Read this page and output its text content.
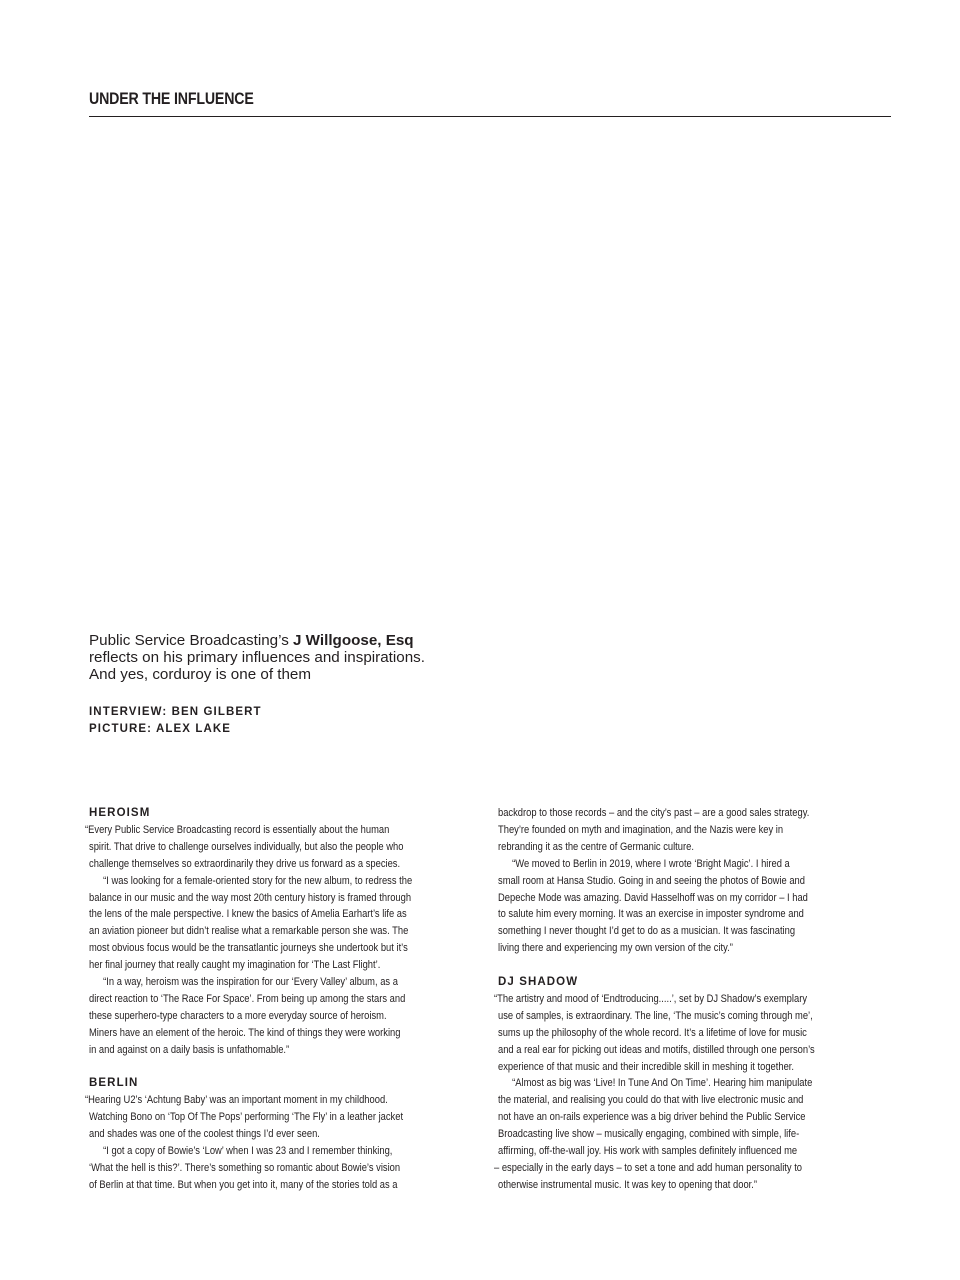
UNDER THE INFLUENCE
Public Service Broadcasting’s J Willgoose, Esq
reflects on his primary influences and inspirations.
And yes, corduroy is one of them
INTERVIEW: BEN GILBERT
PICTURE: ALEX LAKE
HEROISM
“Every Public Service Broadcasting record is essentially about the human
spirit. That drive to challenge ourselves individually, but also the people who
challenge themselves so extraordinarily they drive us forward as a species.
“I was looking for a female-oriented story for the new album, to redress the
balance in our music and the way most 20th century history is framed through
the lens of the male perspective. I knew the basics of Amelia Earhart’s life as
an aviation pioneer but didn’t realise what a remarkable person she was. The
most obvious focus would be the transatlantic journeys she undertook but it’s
her final journey that really caught my imagination for ‘The Last Flight’.
“In a way, heroism was the inspiration for our ‘Every Valley’ album, as a
direct reaction to ‘The Race For Space’. From being up among the stars and
these superhero-type characters to a more everyday source of heroism.
Miners have an element of the heroic. The kind of things they were working
in and against on a daily basis is unfathomable.”
BERLIN
“Hearing U2’s ‘Achtung Baby’ was an important moment in my childhood.
Watching Bono on ‘Top Of The Pops’ performing ‘The Fly’ in a leather jacket
and shades was one of the coolest things I’d ever seen.
“I got a copy of Bowie’s ‘Low’ when I was 23 and I remember thinking,
‘What the hell is this?’. There’s something so romantic about Bowie’s vision
of Berlin at that time. But when you get into it, many of the stories told as a
backdrop to those records – and the city’s past – are a good sales strategy.
They’re founded on myth and imagination, and the Nazis were key in
rebranding it as the centre of Germanic culture.
“We moved to Berlin in 2019, where I wrote ‘Bright Magic’. I hired a
small room at Hansa Studio. Going in and seeing the photos of Bowie and
Depeche Mode was amazing. David Hasselhoff was on my corridor – I had
to salute him every morning. It was an exercise in imposter syndrome and
something I never thought I’d get to do as a musician. It was fascinating
living there and experiencing my own version of the city.”
DJ SHADOW
“The artistry and mood of ‘Endtroducing.....’, set by DJ Shadow’s exemplary
use of samples, is extraordinary. The line, ‘The music’s coming through me’,
sums up the philosophy of the whole record. It’s a lifetime of love for music
and a real ear for picking out ideas and motifs, distilled through one person’s
experience of that music and their incredible skill in meshing it together.
“Almost as big was ‘Live! In Tune And On Time’. Hearing him manipulate
the material, and realising you could do that with live electronic music and
not have an on-rails experience was a big driver behind the Public Service
Broadcasting live show – musically engaging, combined with simple, life-
affirming, off-the-wall joy. His work with samples definitely influenced me
– especially in the early days – to set a tone and add human personality to
otherwise instrumental music. It was key to opening that door.”
